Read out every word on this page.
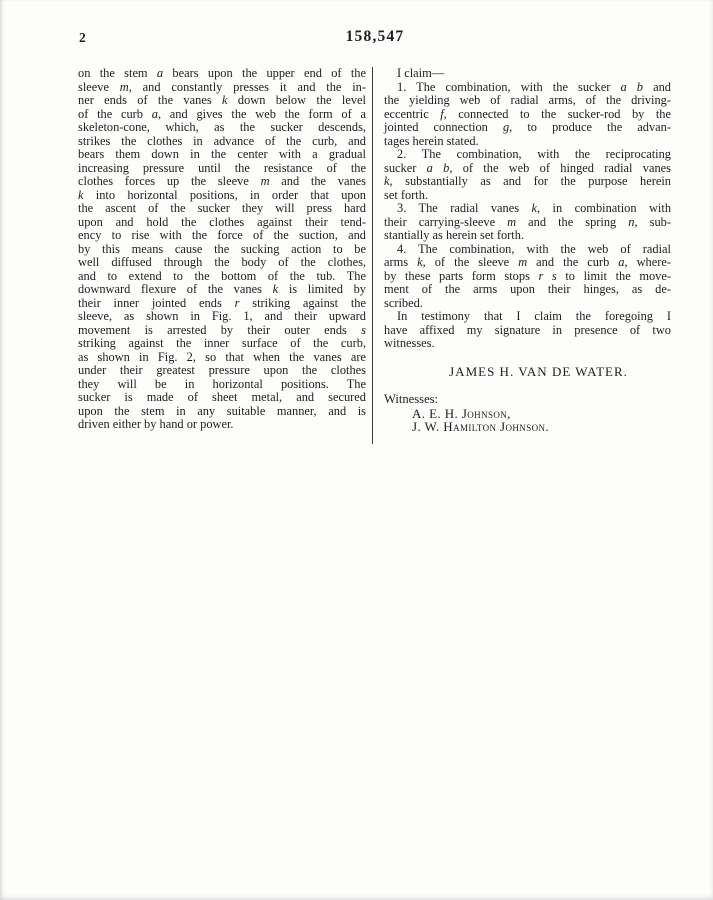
2	158,547
on the stem a bears upon the upper end of the
sleeve m, and constantly presses it and the in-
ner ends of the vanes k down below the level
of the curb a, and gives the web the form of a
skeleton-cone, which, as the sucker descends,
strikes the clothes in advance of the curb, and
bears them down in the center with a gradual
increasing pressure until the resistance of the
clothes forces up the sleeve m and the vanes
k into horizontal positions, in order that upon
the ascent of the sucker they will press hard
upon and hold the clothes against their tend-
ency to rise with the force of the suction, and
by this means cause the sucking action to be
well diffused through the body of the clothes,
and to extend to the bottom of the tub. The
downward flexure of the vanes k is limited by
their inner jointed ends r striking against the
sleeve, as shown in Fig. 1, and their upward
movement is arrested by their outer ends s
striking against the inner surface of the curb,
as shown in Fig. 2, so that when the vanes are
under their greatest pressure upon the clothes
they will be in horizontal positions. The
sucker is made of sheet metal, and secured
upon the stem in any suitable manner, and is
driven either by hand or power.
I claim—
1. The combination, with the sucker a b and
the yielding web of radial arms, of the driving-
eccentric f, connected to the sucker-rod by the
jointed connection g, to produce the advan-
tages herein stated.
2. The combination, with the reciprocating
sucker a b, of the web of hinged radial vanes
k, substantially as and for the purpose herein
set forth.
3. The radial vanes k, in combination with
their carrying-sleeve m and the spring n, sub-
stantially as herein set forth.
4. The combination, with the web of radial
arms k, of the sleeve m and the curb a, where-
by these parts form stops r s to limit the move-
ment of the arms upon their hinges, as de-
scribed.
In testimony that I claim the foregoing I
have affixed my signature in presence of two
witnesses.
JAMES H. VAN DE WATER.
Witnesses:
A. E. H. Johnson,
J. W. Hamilton Johnson.
